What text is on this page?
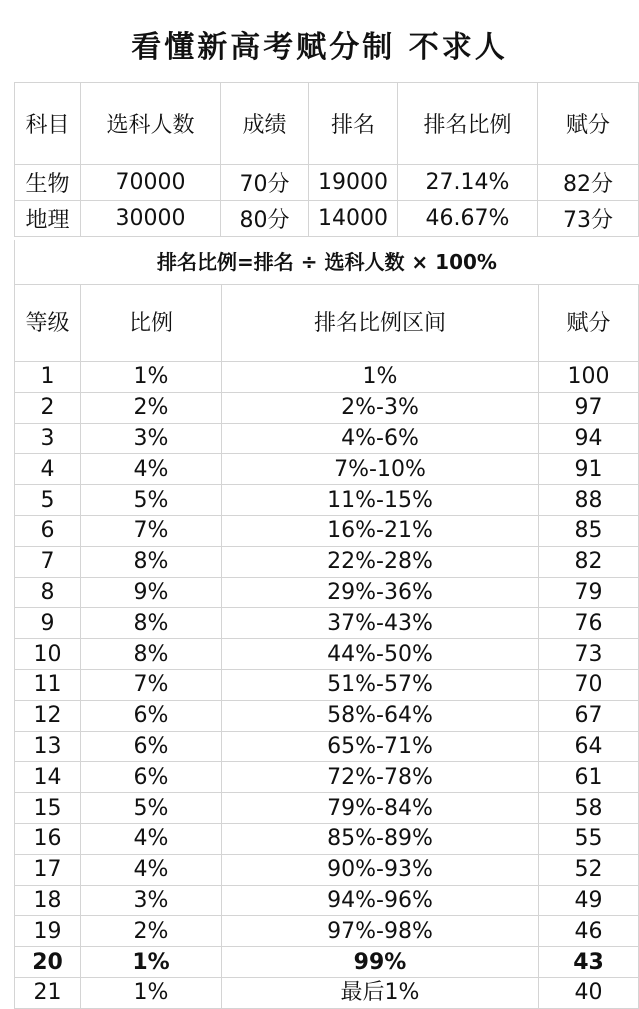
看懂新高考赋分制 不求人
科目	选科人数	成绩	排名	排名比例	赋分
生物	70000	70分	19000	27.14%	82分
地理	30000	80分	14000	46.67%	73分
排名比例=排名 ÷ 选科人数 × 100%
等级	比例	排名比例区间	赋分
1	1%	1%	100
2	2%	2%-3%	97
3	3%	4%-6%	94
4	4%	7%-10%	91
5	5%	11%-15%	88
6	7%	16%-21%	85
7	8%	22%-28%	82
8	9%	29%-36%	79
9	8%	37%-43%	76
10	8%	44%-50%	73
11	7%	51%-57%	70
12	6%	58%-64%	67
13	6%	65%-71%	64
14	6%	72%-78%	61
15	5%	79%-84%	58
16	4%	85%-89%	55
17	4%	90%-93%	52
18	3%	94%-96%	49
19	2%	97%-98%	46
20	1%	99%	43
21	1%	最后1%	40
